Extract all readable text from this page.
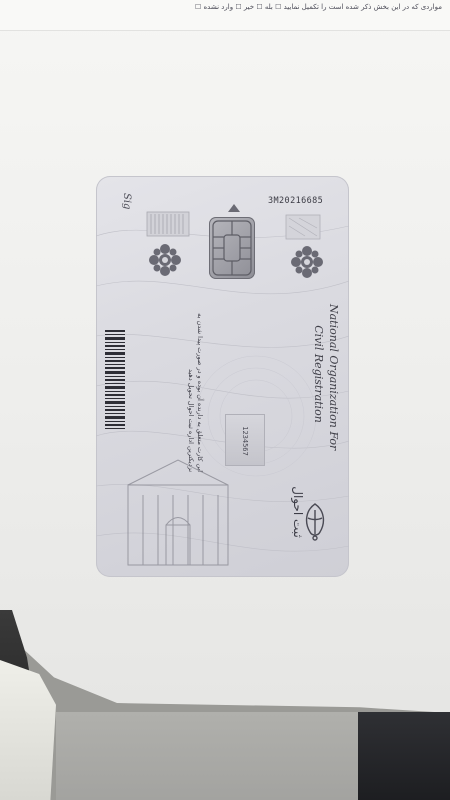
مواردی که در این بخش ذکر شده است را تکمیل نمایید ☐ بله ☐ خیر ☐ وارد نشده ☐
3M20216685
Sig
National Organization For
Civil Registration
این کارت متعلق به دارنده آن بوده و در صورت پیدا شدن به نزدیکترین اداره ثبت احوال تحویل دهید	1234567
ثبت احوال
